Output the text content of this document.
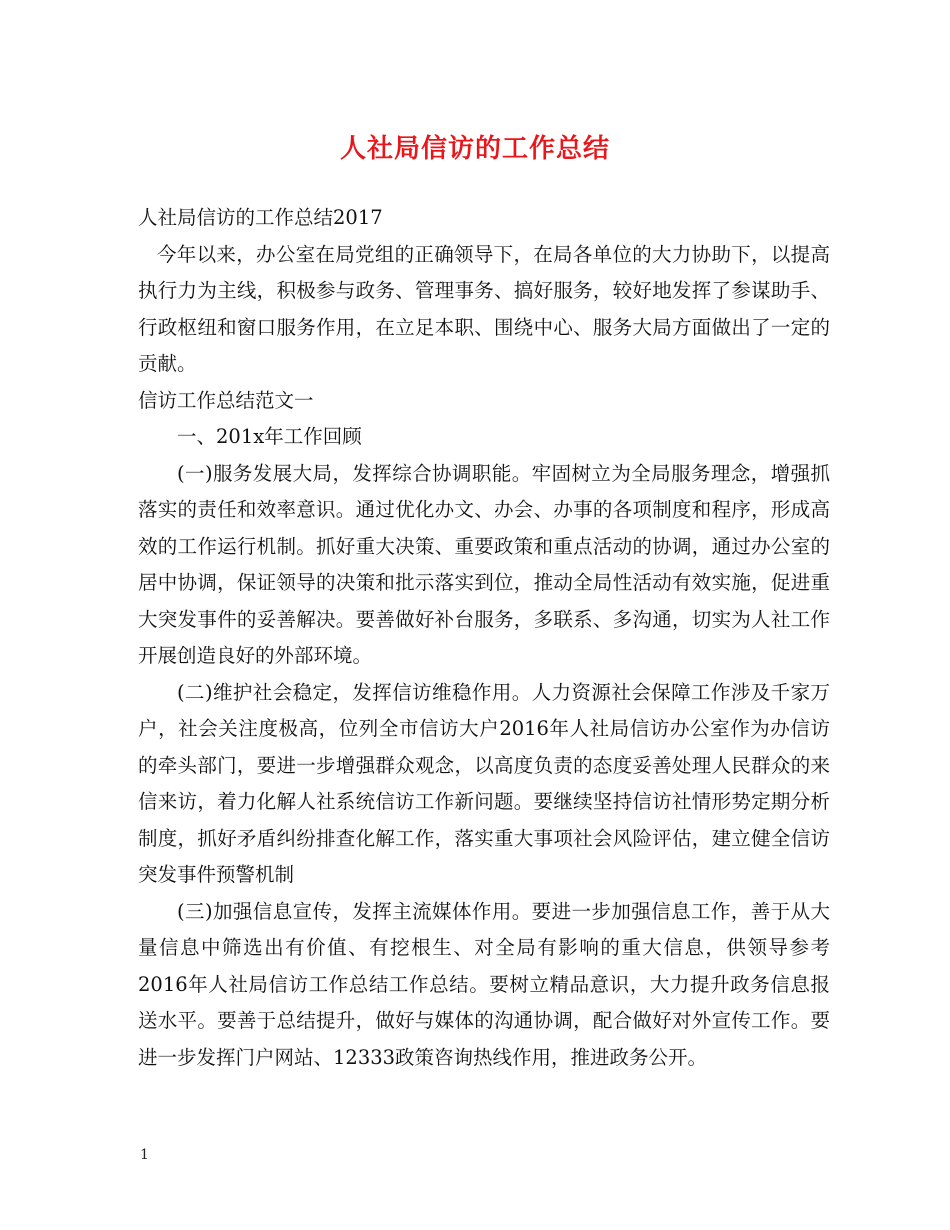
人社局信访的工作总结

人社局信访的工作总结2017

今年以来，办公室在局党组的正确领导下，在局各单位的大力协助下，以提高执行力为主线，积极参与政务、管理事务、搞好服务，较好地发挥了参谋助手、行政枢纽和窗口服务作用，在立足本职、围绕中心、服务大局方面做出了一定的贡献。

信访工作总结范文一

一、201x年工作回顾

(一)服务发展大局，发挥综合协调职能。牢固树立为全局服务理念，增强抓落实的责任和效率意识。通过优化办文、办会、办事的各项制度和程序，形成高效的工作运行机制。抓好重大决策、重要政策和重点活动的协调，通过办公室的居中协调，保证领导的决策和批示落实到位，推动全局性活动有效实施，促进重大突发事件的妥善解决。要善做好补台服务，多联系、多沟通，切实为人社工作开展创造良好的外部环境。

(二)维护社会稳定，发挥信访维稳作用。人力资源社会保障工作涉及千家万户，社会关注度极高，位列全市信访大户2016年人社局信访办公室作为办信访的牵头部门，要进一步增强群众观念，以高度负责的态度妥善处理人民群众的来信来访，着力化解人社系统信访工作新问题。要继续坚持信访社情形势定期分析制度，抓好矛盾纠纷排查化解工作，落实重大事项社会风险评估，建立健全信访突发事件预警机制

(三)加强信息宣传，发挥主流媒体作用。要进一步加强信息工作，善于从大量信息中筛选出有价值、有挖根生、对全局有影响的重大信息，供领导参考2016年人社局信访工作总结工作总结。要树立精品意识，大力提升政务信息报送水平。要善于总结提升，做好与媒体的沟通协调，配合做好对外宣传工作。要进一步发挥门户网站、12333政策咨询热线作用，推进政务公开。

1
